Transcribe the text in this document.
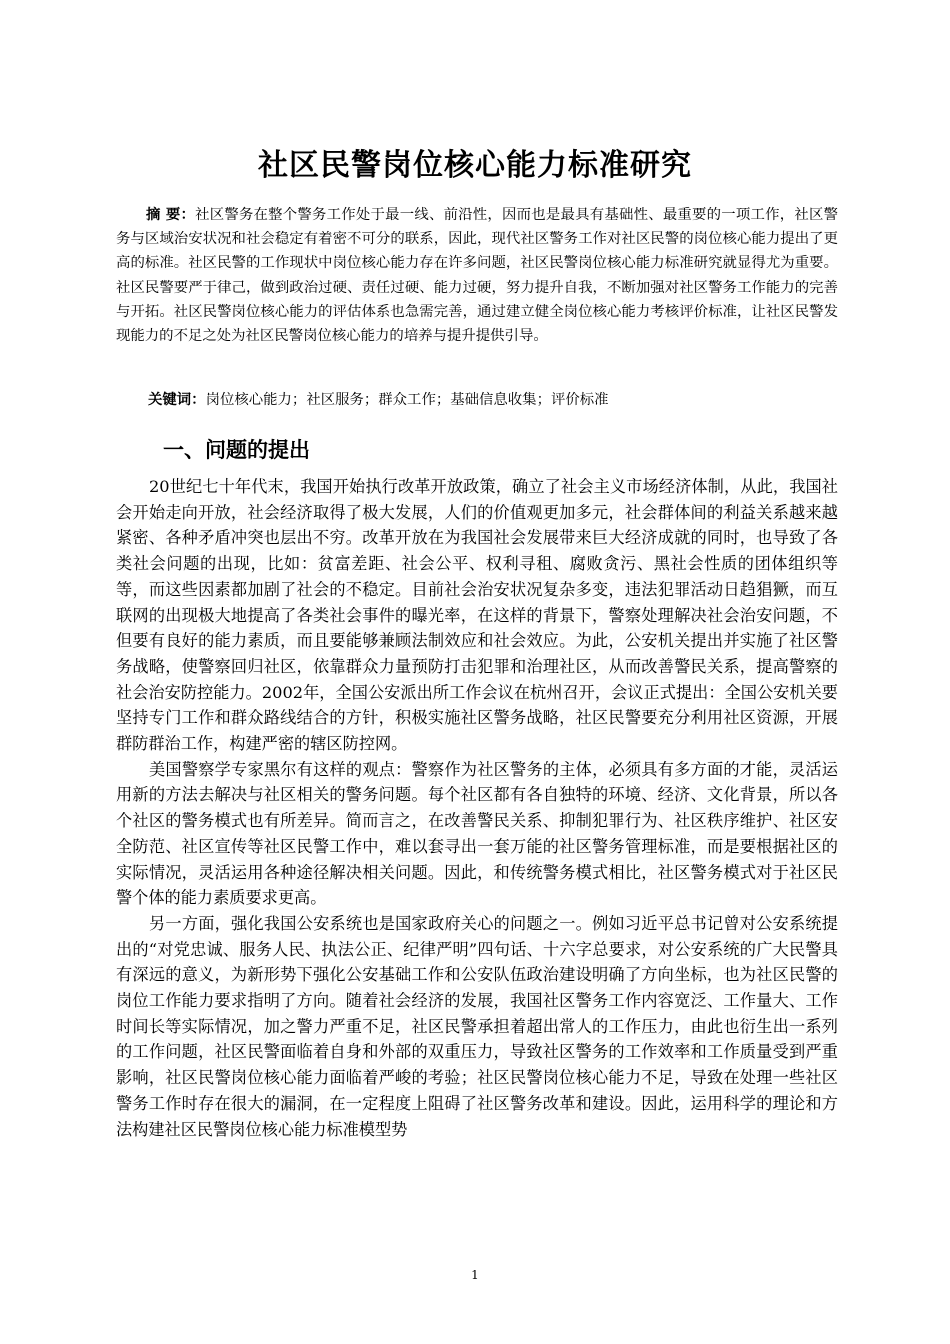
社区民警岗位核心能力标准研究

摘 要：社区警务在整个警务工作处于最一线、前沿性，因而也是最具有基础性、最重要的一项工作，社区警务与区域治安状况和社会稳定有着密不可分的联系，因此，现代社区警务工作对社区民警的岗位核心能力提出了更高的标准。社区民警的工作现状中岗位核心能力存在许多问题，社区民警岗位核心能力标准研究就显得尤为重要。社区民警要严于律己，做到政治过硬、责任过硬、能力过硬，努力提升自我，不断加强对社区警务工作能力的完善与开拓。社区民警岗位核心能力的评估体系也急需完善，通过建立健全岗位核心能力考核评价标准，让社区民警发现能力的不足之处为社区民警岗位核心能力的培养与提升提供引导。

关键词：岗位核心能力；社区服务；群众工作；基础信息收集；评价标准

一、问题的提出

20世纪七十年代末，我国开始执行改革开放政策，确立了社会主义市场经济体制，从此，我国社会开始走向开放，社会经济取得了极大发展，人们的价值观更加多元，社会群体间的利益关系越来越紧密、各种矛盾冲突也层出不穷。改革开放在为我国社会发展带来巨大经济成就的同时，也导致了各类社会问题的出现，比如：贫富差距、社会公平、权利寻租、腐败贪污、黑社会性质的团体组织等等，而这些因素都加剧了社会的不稳定。目前社会治安状况复杂多变，违法犯罪活动日趋猖獗，而互联网的出现极大地提高了各类社会事件的曝光率，在这样的背景下，警察处理解决社会治安问题，不但要有良好的能力素质，而且要能够兼顾法制效应和社会效应。为此，公安机关提出并实施了社区警务战略，使警察回归社区，依靠群众力量预防打击犯罪和治理社区，从而改善警民关系，提高警察的社会治安防控能力。2002年，全国公安派出所工作会议在杭州召开，会议正式提出：全国公安机关要坚持专门工作和群众路线结合的方针，积极实施社区警务战略，社区民警要充分利用社区资源，开展群防群治工作，构建严密的辖区防控网。

美国警察学专家黑尔有这样的观点：警察作为社区警务的主体，必须具有多方面的才能，灵活运用新的方法去解决与社区相关的警务问题。每个社区都有各自独特的环境、经济、文化背景，所以各个社区的警务模式也有所差异。简而言之，在改善警民关系、抑制犯罪行为、社区秩序维护、社区安全防范、社区宣传等社区民警工作中，难以套寻出一套万能的社区警务管理标准，而是要根据社区的实际情况，灵活运用各种途径解决相关问题。因此，和传统警务模式相比，社区警务模式对于社区民警个体的能力素质要求更高。

另一方面，强化我国公安系统也是国家政府关心的问题之一。例如习近平总书记曾对公安系统提出的“对党忠诚、服务人民、执法公正、纪律严明”四句话、十六字总要求，对公安系统的广大民警具有深远的意义，为新形势下强化公安基础工作和公安队伍政治建设明确了方向坐标，也为社区民警的岗位工作能力要求指明了方向。随着社会经济的发展，我国社区警务工作内容宽泛、工作量大、工作时间长等实际情况，加之警力严重不足，社区民警承担着超出常人的工作压力，由此也衍生出一系列的工作问题，社区民警面临着自身和外部的双重压力，导致社区警务的工作效率和工作质量受到严重影响，社区民警岗位核心能力面临着严峻的考验；社区民警岗位核心能力不足，导致在处理一些社区警务工作时存在很大的漏洞，在一定程度上阻碍了社区警务改革和建设。因此，运用科学的理论和方法构建社区民警岗位核心能力标准模型势

1
